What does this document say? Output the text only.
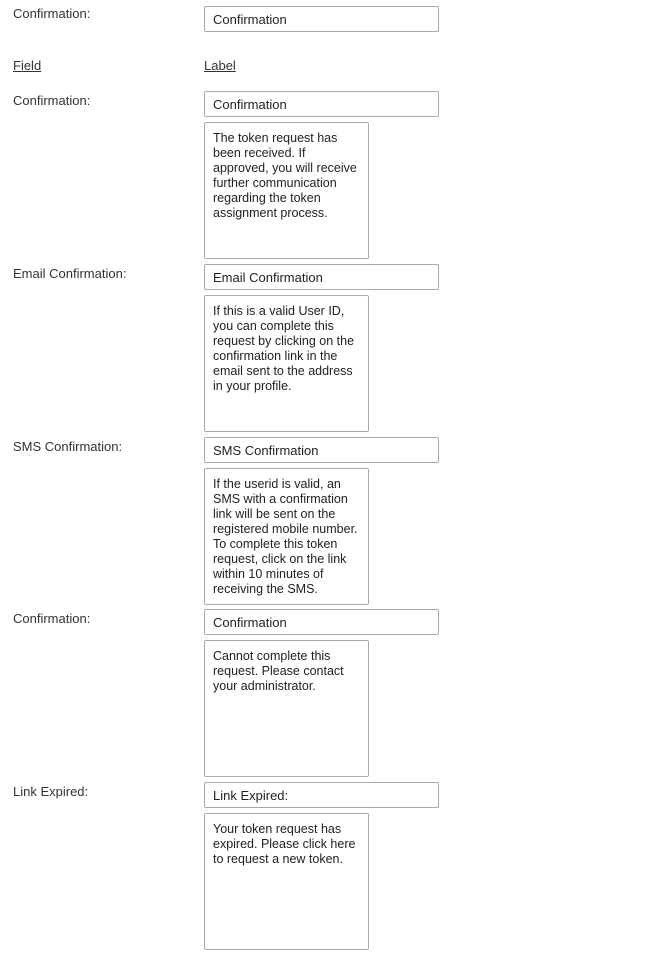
Confirmation:
Confirmation
Field	Label
Confirmation:
Confirmation
The token request has been received. If approved, you will receive further communication regarding the token assignment process.
Email Confirmation:
Email Confirmation
If this is a valid User ID, you can complete this request by clicking on the confirmation link in the email sent to the address in your profile.
SMS Confirmation:
SMS Confirmation
If the userid is valid, an SMS with a confirmation link will be sent on the registered mobile number. To complete this token request, click on the link within 10 minutes of receiving the SMS.
Confirmation:
Confirmation
Cannot complete this request. Please contact your administrator.
Link Expired:
Link Expired:
Your token request has expired. Please click here to request a new token.
